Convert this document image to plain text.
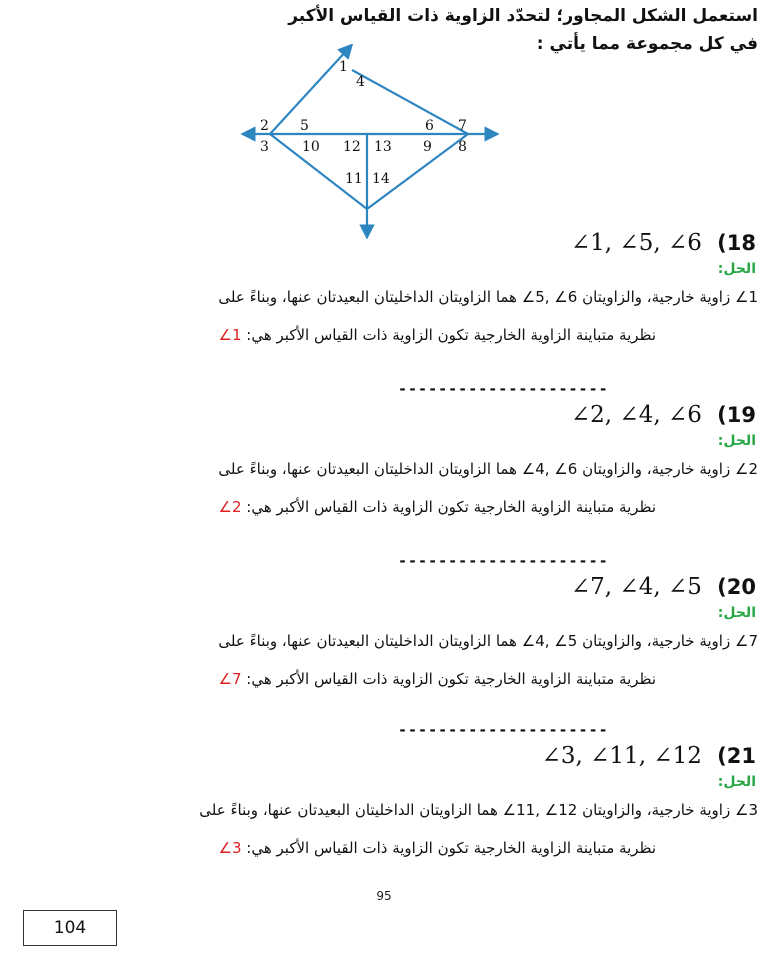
استعمل الشكل المجاور؛ لتحدّد الزاوية ذات القياس الأكبر
في كل مجموعة مما يأتي :
1
4
2 5	6 7
3 10 12 13 9 8
11 14
∠1, ∠5, ∠6 (18
الحل:
1∠ زاوية خارجية، والزاويتان 6∠ ,5∠ هما الزاويتان الداخليتان البعيدتان عنها، وبناءً على
نظرية متباينة الزاوية الخارجية تكون الزاوية ذات القياس الأكبر هي: 1∠
---------------------
∠2, ∠4, ∠6 (19
الحل:
2∠ زاوية خارجية، والزاويتان 6∠ ,4∠ هما الزاويتان الداخليتان البعيدتان عنها، وبناءً على
نظرية متباينة الزاوية الخارجية تكون الزاوية ذات القياس الأكبر هي: 2∠
---------------------
∠7, ∠4, ∠5 (20
الحل:
7∠ زاوية خارجية، والزاويتان 5∠ ,4∠ هما الزاويتان الداخليتان البعيدتان عنها، وبناءً على
نظرية متباينة الزاوية الخارجية تكون الزاوية ذات القياس الأكبر هي: 7∠
---------------------
∠3, ∠11, ∠12 (21
الحل:
3∠ زاوية خارجية، والزاويتان 12∠ ,11∠ هما الزاويتان الداخليتان البعيدتان عنها، وبناءً على
نظرية متباينة الزاوية الخارجية تكون الزاوية ذات القياس الأكبر هي: 3∠
95
104
